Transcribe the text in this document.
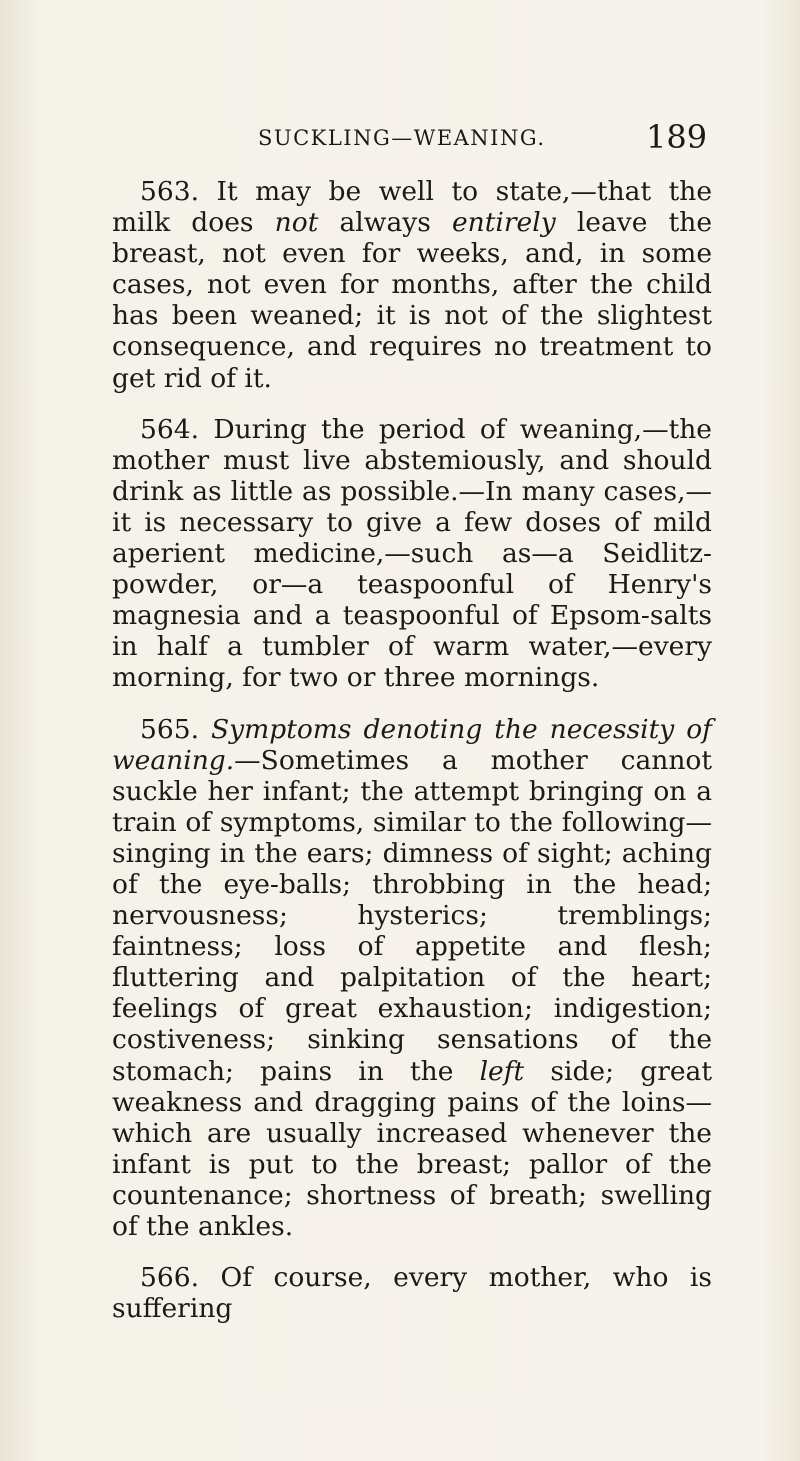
SUCKLING—WEANING.	189

563. It may be well to state,—that the milk does not always entirely leave the breast, not even for weeks, and, in some cases, not even for months, after the child has been weaned; it is not of the slightest consequence, and requires no treatment to get rid of it.

564. During the period of weaning,—the mother must live abstemiously, and should drink as little as possible.—In many cases,—it is necessary to give a few doses of mild aperient medicine,—such as—a Seidlitz-powder, or—a teaspoonful of Henry's magnesia and a teaspoonful of Epsom-salts in half a tumbler of warm water,—every morning, for two or three mornings.

565. Symptoms denoting the necessity of weaning.—Sometimes a mother cannot suckle her infant; the attempt bringing on a train of symptoms, similar to the following—singing in the ears; dimness of sight; aching of the eye-balls; throbbing in the head; nervousness; hysterics; tremblings; faintness; loss of appetite and flesh; fluttering and palpitation of the heart; feelings of great exhaustion; indigestion; costiveness; sinking sensations of the stomach; pains in the left side; great weakness and dragging pains of the loins—which are usually increased whenever the infant is put to the breast; pallor of the countenance; shortness of breath; swelling of the ankles.

566. Of course, every mother, who is suffering
